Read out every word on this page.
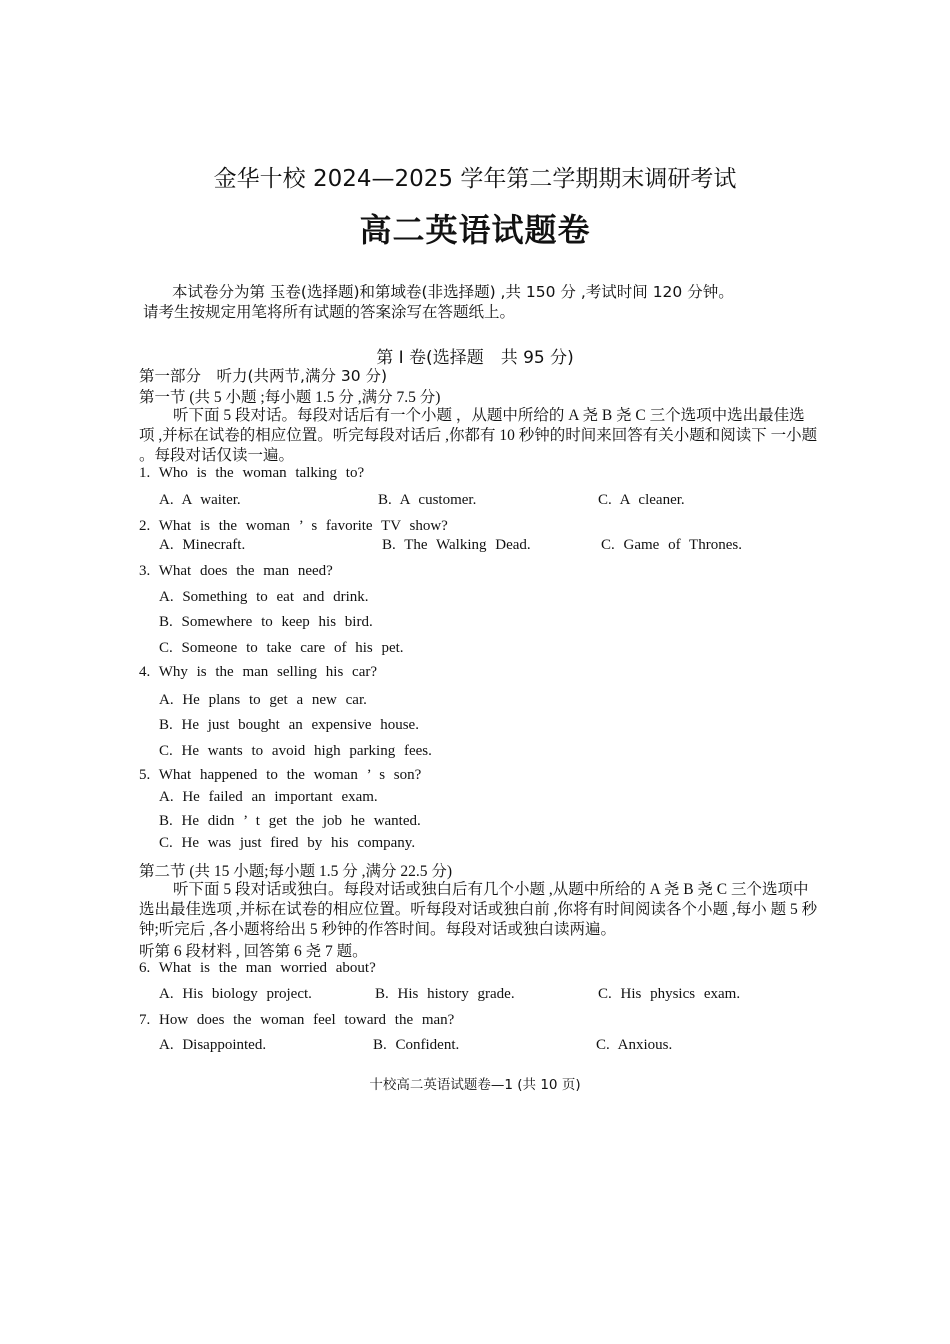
金华十校 2024—2025 学年第二学期期末调研考试
高二英语试题卷
本试卷分为第 玉卷(选择题)和第域卷(非选择题) ,共 150 分 ,考试时间 120 分钟。
请考生按规定用笔将所有试题的答案涂写在答题纸上。
第 Ⅰ 卷(选择题　共 95 分)
第一部分　听力(共两节,满分 30 分)
第一节 (共 5 小题 ;每小题 1.5 分 ,满分 7.5 分)
听下面 5 段对话。每段对话后有一个小题 ，从题中所给的 A 尧 B 尧 C 三个选项中选出最佳选 项 ,并标在试卷的相应位置。听完每段对话后 ,你都有 10 秒钟的时间来回答有关小题和阅读下 一小题 。每段对话仅读一遍。
1. Who is the woman talking to?
A. A waiter.	B. A customer.	C. A cleaner.
2. What is the woman ’ s favorite TV show?
A. Minecraft.	B. The Walking Dead.	C. Game of Thrones.
3. What does the man need?
A. Something to eat and drink.
B. Somewhere to keep his bird.
C. Someone to take care of his pet.
4. Why is the man selling his car?
A. He plans to get a new car.
B. He just bought an expensive house.
C. He wants to avoid high parking fees.
5. What happened to the woman ’ s son?
A. He failed an important exam.
B. He didn ’ t get the job he wanted.
C. He was just fired by his company.
第二节 (共 15 小题;每小题 1.5 分 ,满分 22.5 分)
听下面 5 段对话或独白。每段对话或独白后有几个小题 ,从题中所给的 A 尧 B 尧 C 三个选项中 选出最佳选项 ,并标在试卷的相应位置。听每段对话或独白前 ,你将有时间阅读各个小题 ,每小 题 5 秒钟;听完后 ,各小题将给出 5 秒钟的作答时间。每段对话或独白读两遍。
听第 6 段材料 , 回答第 6 尧 7 题。
6. What is the man worried about?
A. His biology project.	B. His history grade.	C. His physics exam.
7. How does the woman feel toward the man?
A. Disappointed.	B. Confident.	C. Anxious.
十校高二英语试题卷—1 (共 10 页)
